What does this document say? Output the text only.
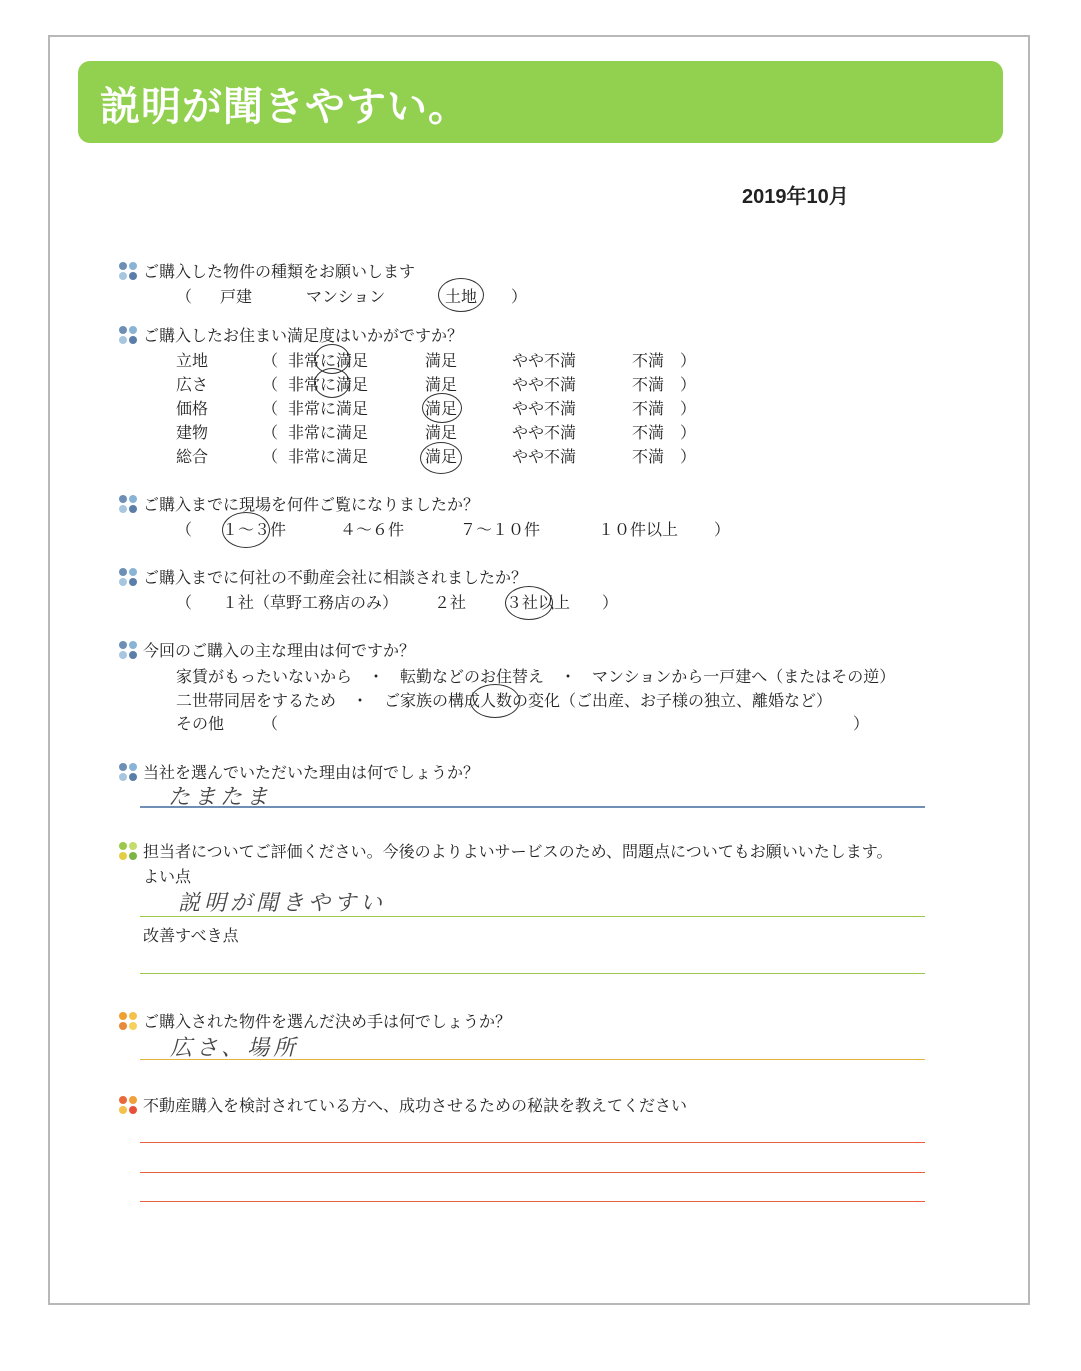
説明が聞きやすい。
2019年10月
ご購入した物件の種類をお願いします
（ 戸建	マンション	土地 ）
ご購入したお住まい満足度はいかがですか？
立地	（ 非常に満足	満足	やや不満	不満 ）
広さ	（ 非常に満足	満足	やや不満	不満 ）
価格	（ 非常に満足	満足	やや不満	不満 ）
建物	（ 非常に満足	満足	やや不満	不満 ）
総合	（ 非常に満足	満足	やや不満	不満 ）
ご購入までに現場を何件ご覧になりましたか？
（ １～３件	４～６件	７～１０件	１０件以上 ）
ご購入までに何社の不動産会社に相談されましたか？
（ １社（草野工務店のみ） ２社 ３社以上 ）
今回のご購入の主な理由は何ですか？
家賃がもったいないから　・　転勤などのお住替え　・　マンションから一戸建へ（またはその逆）
二世帯同居をするため　・　ご家族の構成人数の変化（ご出産、お子様の独立、離婚など）
その他 （	）
当社を選んでいただいた理由は何でしょうか？
たまたま
担当者についてご評価ください。今後のよりよいサービスのため、問題点についてもお願いいたします。
よい点
説明が聞きやすい
改善すべき点
ご購入された物件を選んだ決め手は何でしょうか？
広さ、場所
不動産購入を検討されている方へ、成功させるための秘訣を教えてください
